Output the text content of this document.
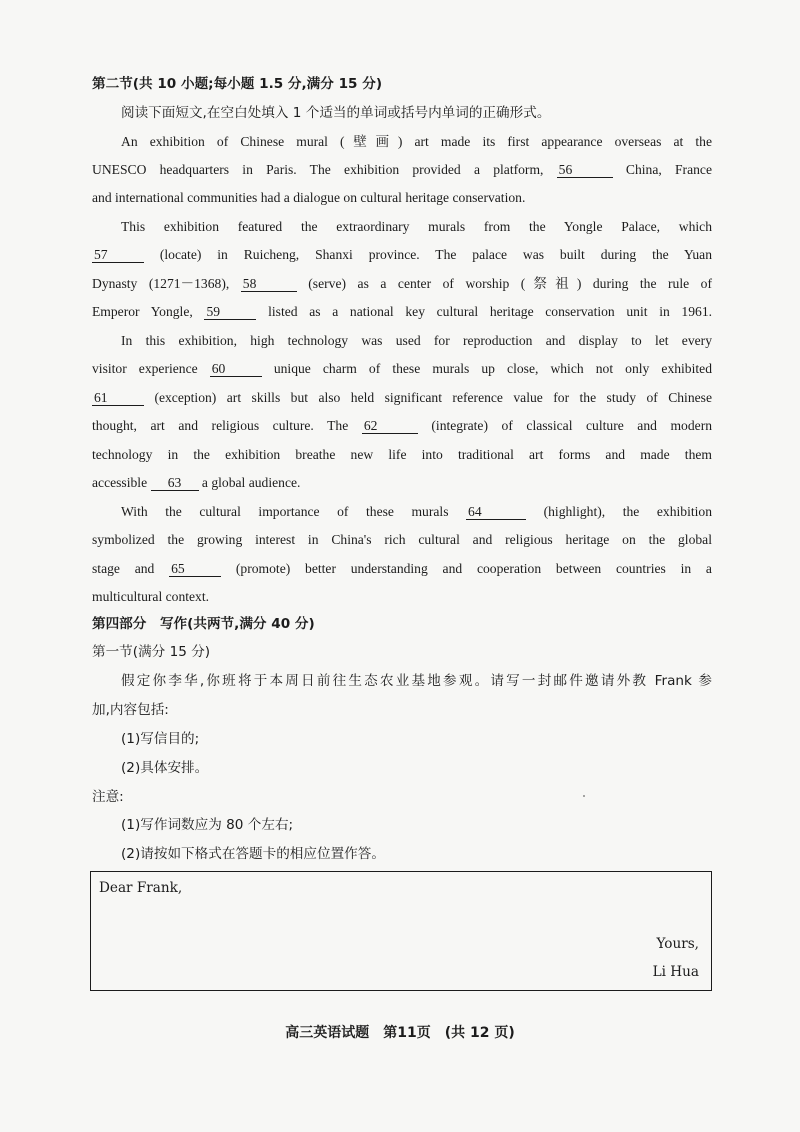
第二节(共 10 小题;每小题 1.5 分,满分 15 分)
阅读下面短文,在空白处填入 1 个适当的单词或括号内单词的正确形式。
An exhibition of Chinese mural (壁画) art made its first appearance overseas at the
UNESCO headquarters in Paris. The exhibition provided a platform, 56	China, France
and international communities had a dialogue on cultural heritage conservation.
This exhibition featured the extraordinary murals from the Yongle Palace, which
57	(locate) in Ruicheng, Shanxi province. The palace was built during the Yuan
Dynasty (1271－1368), 58	(serve) as a center of worship (祭祖) during the rule of
Emperor Yongle, 59	listed as a national key cultural heritage conservation unit in 1961.
In this exhibition, high technology was used for reproduction and display to let every
visitor experience 60	unique charm of these murals up close, which not only exhibited
61	(exception) art skills but also held significant reference value for the study of Chinese
thought, art and religious culture. The 62	(integrate) of classical culture and modern
technology in the exhibition breathe new life into traditional art forms and made them
accessible 63 a global audience.
With the cultural importance of these murals 64	(highlight), the exhibition
symbolized the growing interest in China's rich cultural and religious heritage on the global
stage and 65	(promote) better understanding and cooperation between countries in a
multicultural context.
第四部分　写作(共两节,满分 40 分)
第一节(满分 15 分)
假定你李华,你班将于本周日前往生态农业基地参观。请写一封邮件邀请外教 Frank 参
加,内容包括:
(1)写信目的;
(2)具体安排。
注意:
(1)写作词数应为 80 个左右;
(2)请按如下格式在答题卡的相应位置作答。
Dear Frank,
Yours,
Li Hua
高三英语试题　第11页　(共 12 页)
